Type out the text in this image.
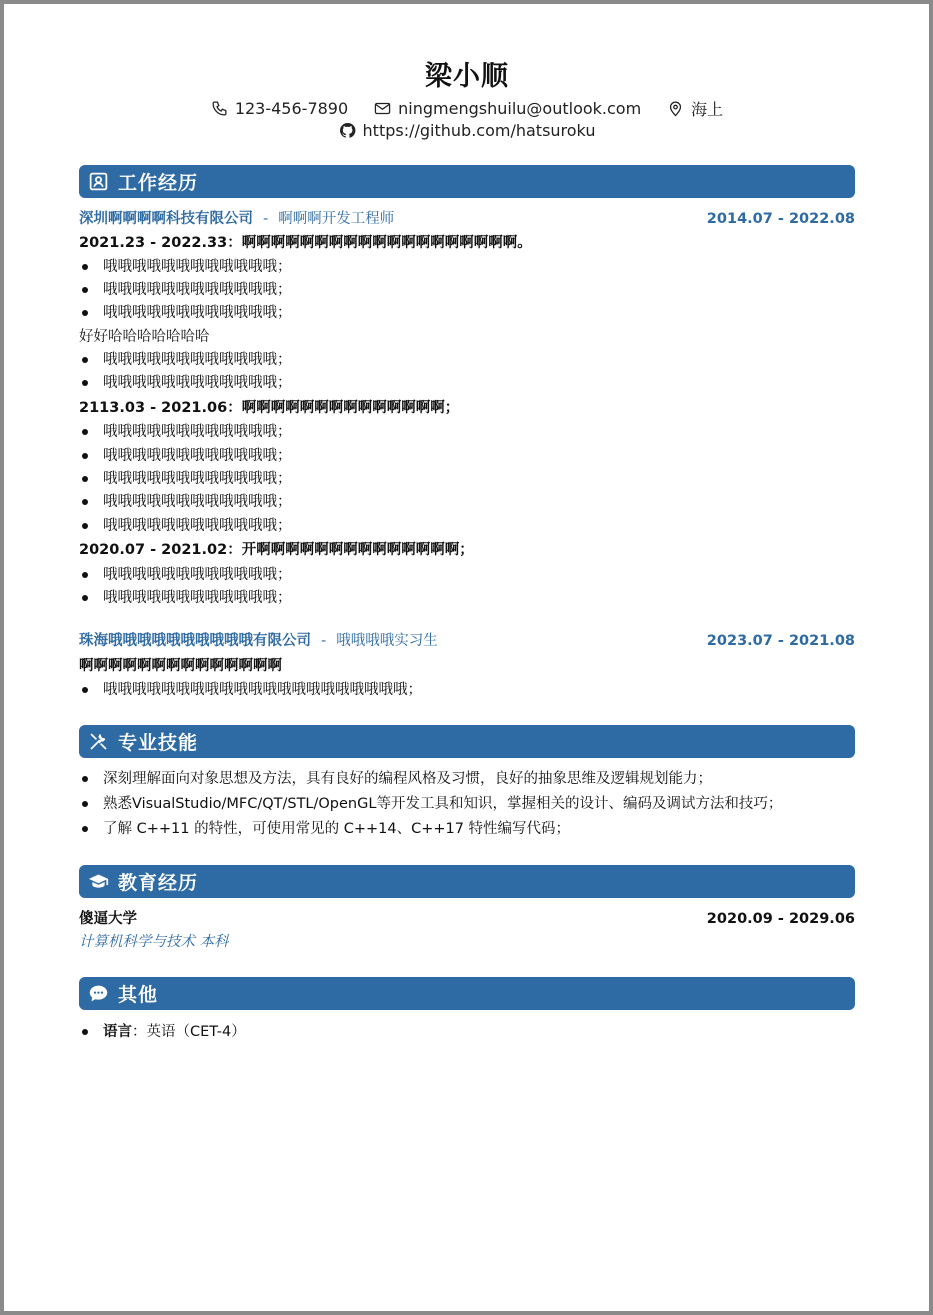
梁小顺
123-456-7890	ningmengshuilu@outlook.com	海上
https://github.com/hatsuroku
工作经历
深圳啊啊啊啊科技有限公司 - 啊啊啊开发工程师	2014.07 - 2022.08
2021.23 - 2022.33：啊啊啊啊啊啊啊啊啊啊啊啊啊啊啊啊啊啊啊。
哦哦哦哦哦哦哦哦哦哦哦哦；
哦哦哦哦哦哦哦哦哦哦哦哦；
哦哦哦哦哦哦哦哦哦哦哦哦；
好好哈哈哈哈哈哈哈
哦哦哦哦哦哦哦哦哦哦哦哦；
哦哦哦哦哦哦哦哦哦哦哦哦；
2113.03 - 2021.06：啊啊啊啊啊啊啊啊啊啊啊啊啊啊；
哦哦哦哦哦哦哦哦哦哦哦哦；
哦哦哦哦哦哦哦哦哦哦哦哦；
哦哦哦哦哦哦哦哦哦哦哦哦；
哦哦哦哦哦哦哦哦哦哦哦哦；
哦哦哦哦哦哦哦哦哦哦哦哦；
2020.07 - 2021.02：开啊啊啊啊啊啊啊啊啊啊啊啊啊啊；
哦哦哦哦哦哦哦哦哦哦哦哦；
哦哦哦哦哦哦哦哦哦哦哦哦；
珠海哦哦哦哦哦哦哦哦哦哦有限公司 - 哦哦哦哦实习生	2023.07 - 2021.08
啊啊啊啊啊啊啊啊啊啊啊啊啊啊
哦哦哦哦哦哦哦哦哦哦哦哦哦哦哦哦哦哦哦哦哦；
专业技能
深刻理解面向对象思想及方法，具有良好的编程风格及习惯，良好的抽象思维及逻辑规划能力；
熟悉VisualStudio/MFC/QT/STL/OpenGL等开发工具和知识，掌握相关的设计、编码及调试方法和技巧；
了解 C++11 的特性，可使用常见的 C++14、C++17 特性编写代码；
教育经历
傻逼大学	2020.09 - 2029.06
计算机科学与技术 本科
其他
语言：英语（CET-4）
